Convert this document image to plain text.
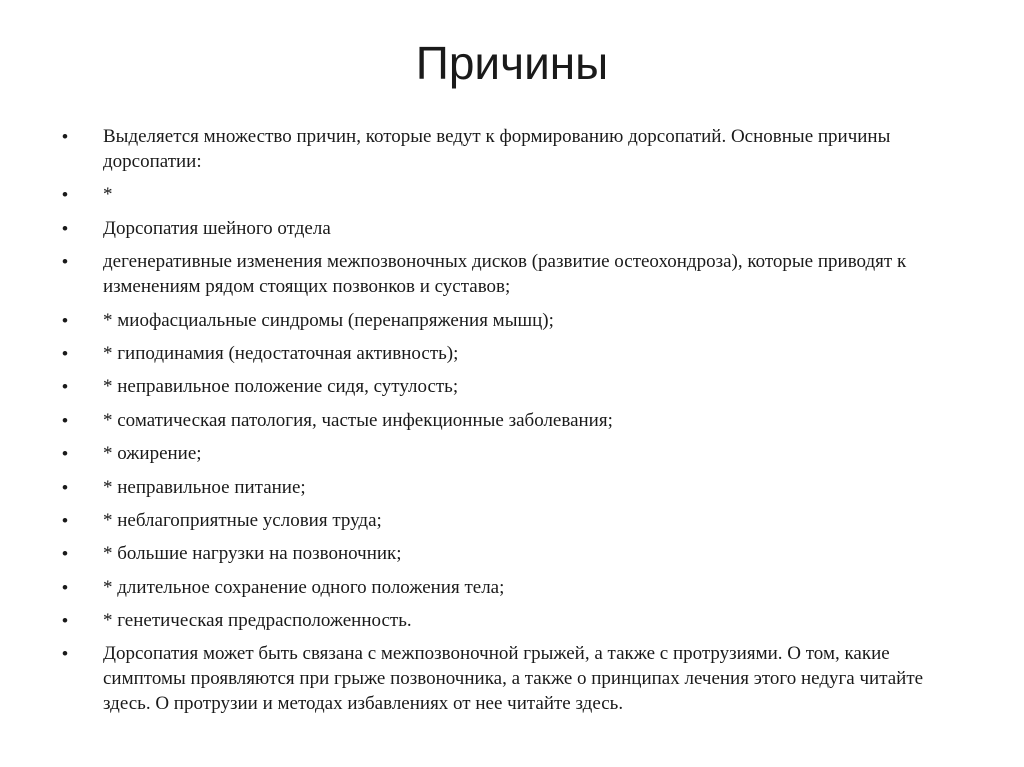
Причины
•	Выделяется множество причин, которые ведут к формированию дорсопатий. Основные причины дорсопатии:
•	*
•	Дорсопатия шейного отдела
•	дегенеративные изменения межпозвоночных дисков (развитие остеохондроза), которые приводят к изменениям рядом стоящих позвонков и суставов;
•	* миофасциальные синдромы (перенапряжения мышц);
•	* гиподинамия (недостаточная активность);
•	* неправильное положение сидя, сутулость;
•	* соматическая патология, частые инфекционные заболевания;
•	* ожирение;
•	* неправильное питание;
•	* неблагоприятные условия труда;
•	* большие нагрузки на позвоночник;
•	* длительное сохранение одного положения тела;
•	* генетическая предрасположенность.
•	Дорсопатия может быть связана с межпозвоночной грыжей, а также с протрузиями. О том, какие симптомы проявляются при грыже позвоночника, а также о принципах лечения этого недуга читайте здесь. О протрузии и методах избавлениях от нее читайте здесь.
